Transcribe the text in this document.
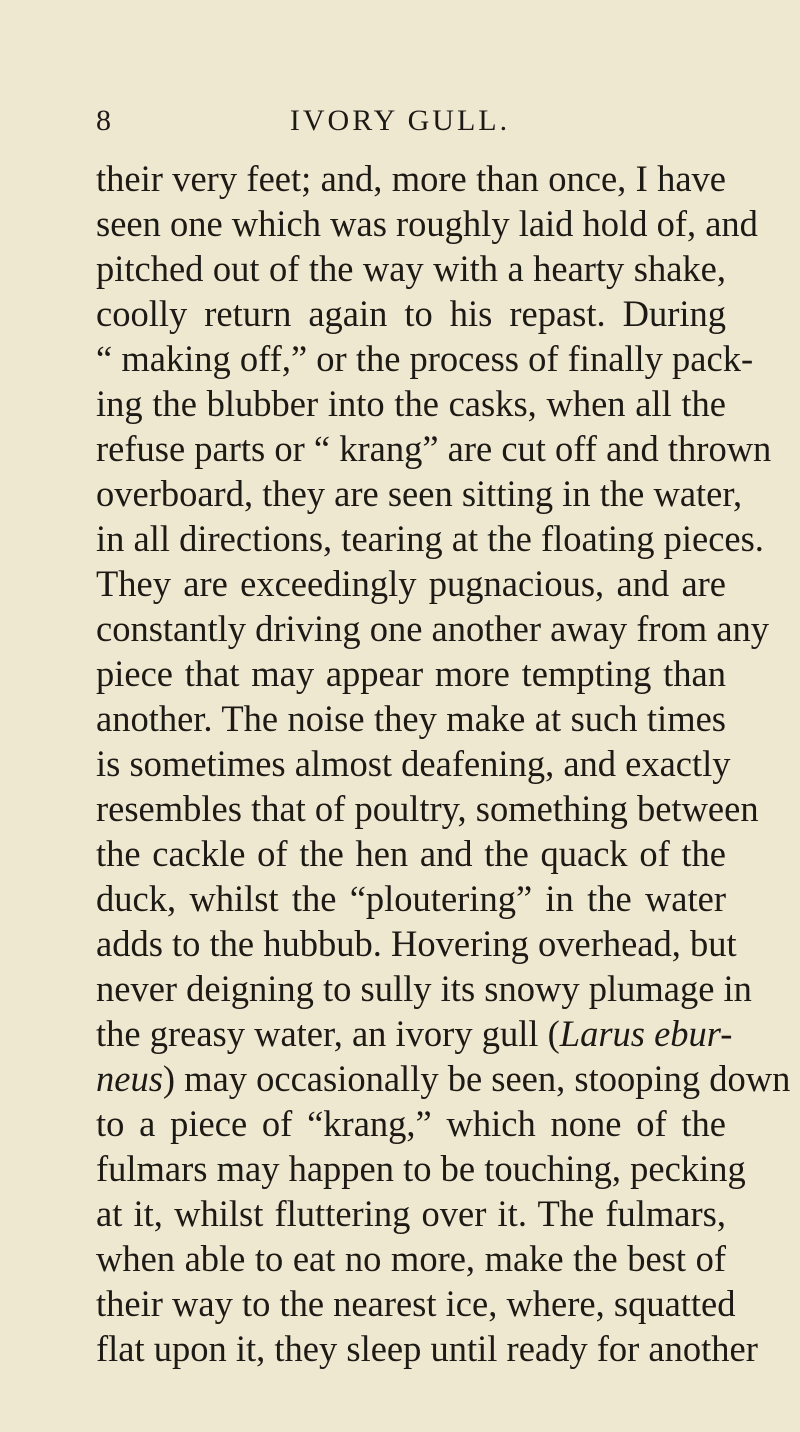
8	IVORY GULL.
their very feet; and, more than once, I have
seen one which was roughly laid hold of, and
pitched out of the way with a hearty shake,
coolly return again to his repast. During
“ making off,” or the process of finally pack-
ing the blubber into the casks, when all the
refuse parts or “ krang” are cut off and thrown
overboard, they are seen sitting in the water,
in all directions, tearing at the floating pieces.
They are exceedingly pugnacious, and are
constantly driving one another away from any
piece that may appear more tempting than
another. The noise they make at such times
is sometimes almost deafening, and exactly
resembles that of poultry, something between
the cackle of the hen and the quack of the
duck, whilst the “ploutering” in the water
adds to the hubbub. Hovering overhead, but
never deigning to sully its snowy plumage in
the greasy water, an ivory gull (Larus ebur-
neus) may occasionally be seen, stooping down
to a piece of “krang,” which none of the
fulmars may happen to be touching, pecking
at it, whilst fluttering over it. The fulmars,
when able to eat no more, make the best of
their way to the nearest ice, where, squatted
flat upon it, they sleep until ready for another
